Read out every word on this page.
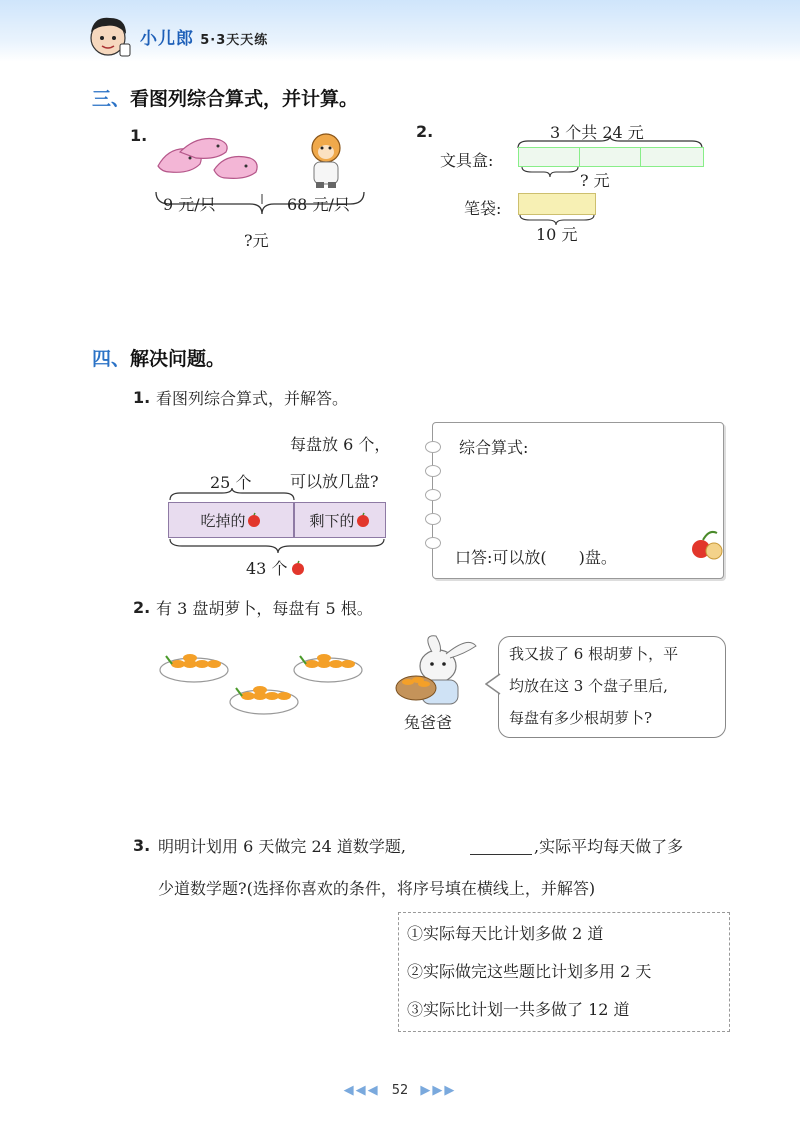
小儿郎 5·3天天练
三、看图列综合算式，并计算。
1.
9 元/只	68 元/只
?元
2.	3 个共 24 元
文具盒:
? 元
笔袋:
10 元
四、解决问题。
1. 看图列综合算式，并解答。
每盘放 6 个，
可以放几盘?
25 个
吃掉的	剩下的
43 个
综合算式:
口答:可以放(　　)盘。
2. 有 3 盘胡萝卜，每盘有 5 根。
兔爸爸
我又拔了 6 根胡萝卜，平
均放在这 3 个盘子里后,
每盘有多少根胡萝卜?
3. 明明计划用 6 天做完 24 道数学题,	,实际平均每天做了多
少道数学题?(选择你喜欢的条件，将序号填在横线上，并解答)
①实际每天比计划多做 2 道
②实际做完这些题比计划多用 2 天
③实际比计划一共多做了 12 道
◀◀◀ 52 ▶▶▶
